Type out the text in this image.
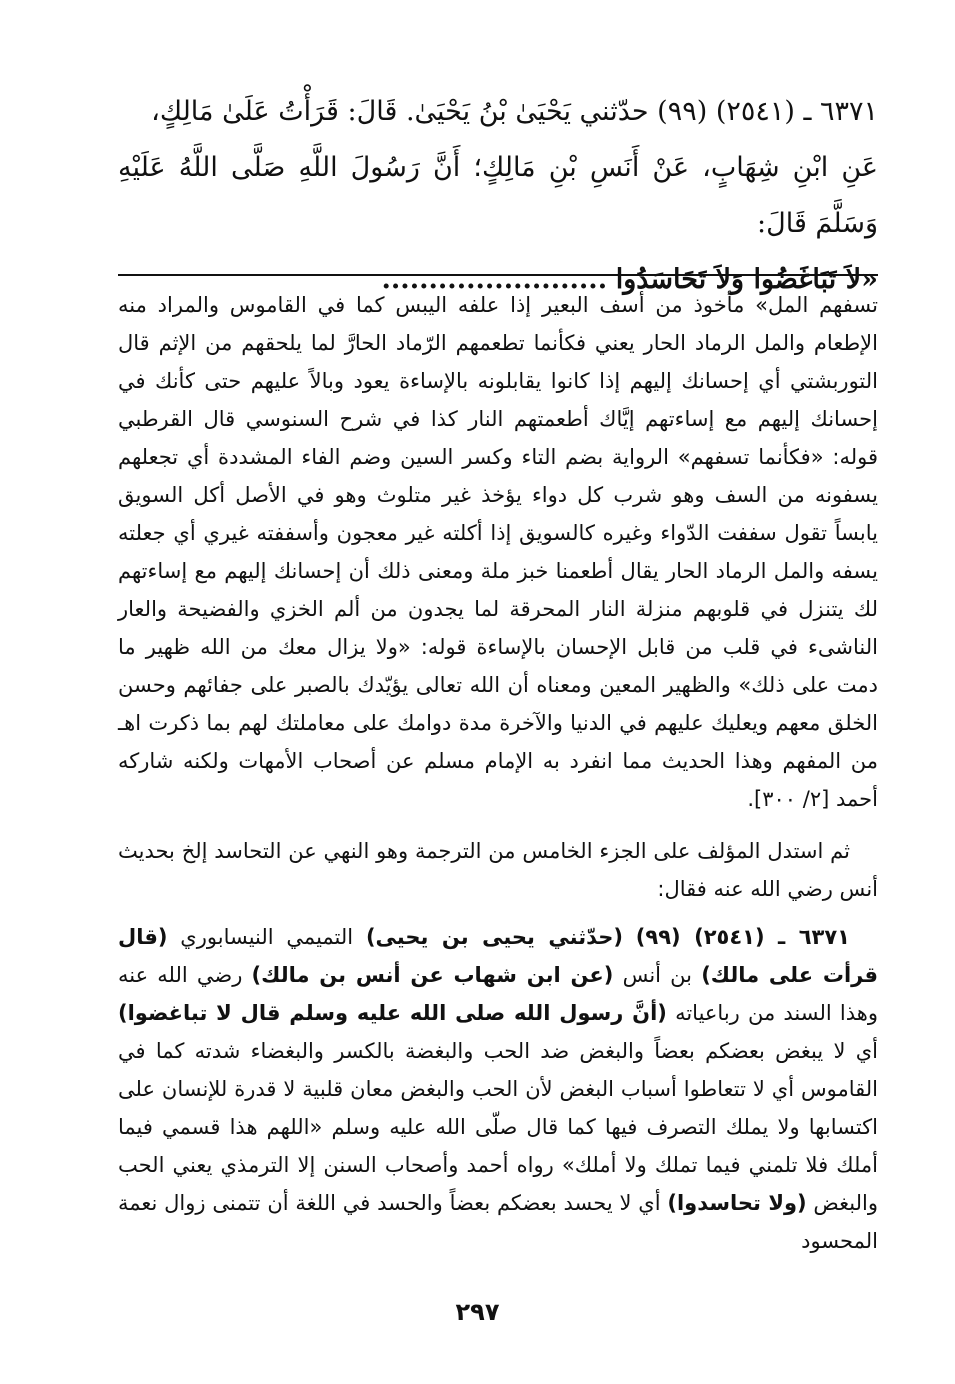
٦٣٧١ ـ (٢٥٤١) (٩٩) حدّثني يَحْيَىٰ بْنُ يَحْيَىٰ. قَالَ: قَرَأْتُ عَلَىٰ مَالِكٍ،
عَنِ ابْنِ شِهَابٍ، عَنْ أَنَسِ بْنِ مَالِكٍ؛ أَنَّ رَسُولَ اللَّهِ صَلَّى اللَّهُ عَلَيْهِ وَسَلَّمَ قَالَ:
«لاَ تَبَاغَضُوا وَلاَ تَحَاسَدُوا ........................

تسفهم المل» مأخوذ من أسف البعير إذا علفه اليبس كما في القاموس والمراد منه الإطعام والمل الرماد الحار يعني فكأنما تطعمهم الرّماد الحارَّ لما يلحقهم من الإثم قال التوربشتي أي إحسانك إليهم إذا كانوا يقابلونه بالإساءة يعود وبالاً عليهم حتى كأنك في إحسانك إليهم مع إساءتهم إيَّاك أطعمتهم النار كذا في شرح السنوسي قال القرطبي قوله: «فكأنما تسفهم» الرواية بضم التاء وكسر السين وضم الفاء المشددة أي تجعلهم يسفونه من السف وهو شرب كل دواء يؤخذ غير متلوث وهو في الأصل أكل السويق يابساً تقول سففت الدّواء وغيره كالسويق إذا أكلته غير معجون وأسففته غيري أي جعلته يسفه والمل الرماد الحار يقال أطعمنا خبز ملة ومعنى ذلك أن إحسانك إليهم مع إساءتهم لك يتنزل في قلوبهم منزلة النار المحرقة لما يجدون من ألم الخزي والفضيحة والعار الناشىء في قلب من قابل الإحسان بالإساءة قوله: «ولا يزال معك من الله ظهير ما دمت على ذلك» والظهير المعين ومعناه أن الله تعالى يؤيّدك بالصبر على جفائهم وحسن الخلق معهم ويعليك عليهم في الدنيا والآخرة مدة دوامك على معاملتك لهم بما ذكرت اهـ من المفهم وهذا الحديث مما انفرد به الإمام مسلم عن أصحاب الأمهات ولكنه شاركه أحمد [٢/ ٣٠٠].

ثم استدل المؤلف على الجزء الخامس من الترجمة وهو النهي عن التحاسد إلخ بحديث أنس رضي الله عنه فقال:

٦٣٧١ ـ (٢٥٤١) (٩٩) (حدّثني يحيى بن يحيى) التميمي النيسابوري (قال قرأت على مالك) بن أنس (عن ابن شهاب عن أنس بن مالك) رضي الله عنه وهذا السند من رباعياته (أنَّ رسول الله صلى الله عليه وسلم قال لا تباغضوا) أي لا يبغض بعضكم بعضاً والبغض ضد الحب والبغضة بالكسر والبغضاء شدته كما في القاموس أي لا تتعاطوا أسباب البغض لأن الحب والبغض معان قلبية لا قدرة للإنسان على اكتسابها ولا يملك التصرف فيها كما قال صلّى الله عليه وسلم «اللهم هذا قسمي فيما أملك فلا تلمني فيما تملك ولا أملك» رواه أحمد وأصحاب السنن إلا الترمذي يعني الحب والبغض (ولا تحاسدوا) أي لا يحسد بعضكم بعضاً والحسد في اللغة أن تتمنى زوال نعمة المحسود

٢٩٧
